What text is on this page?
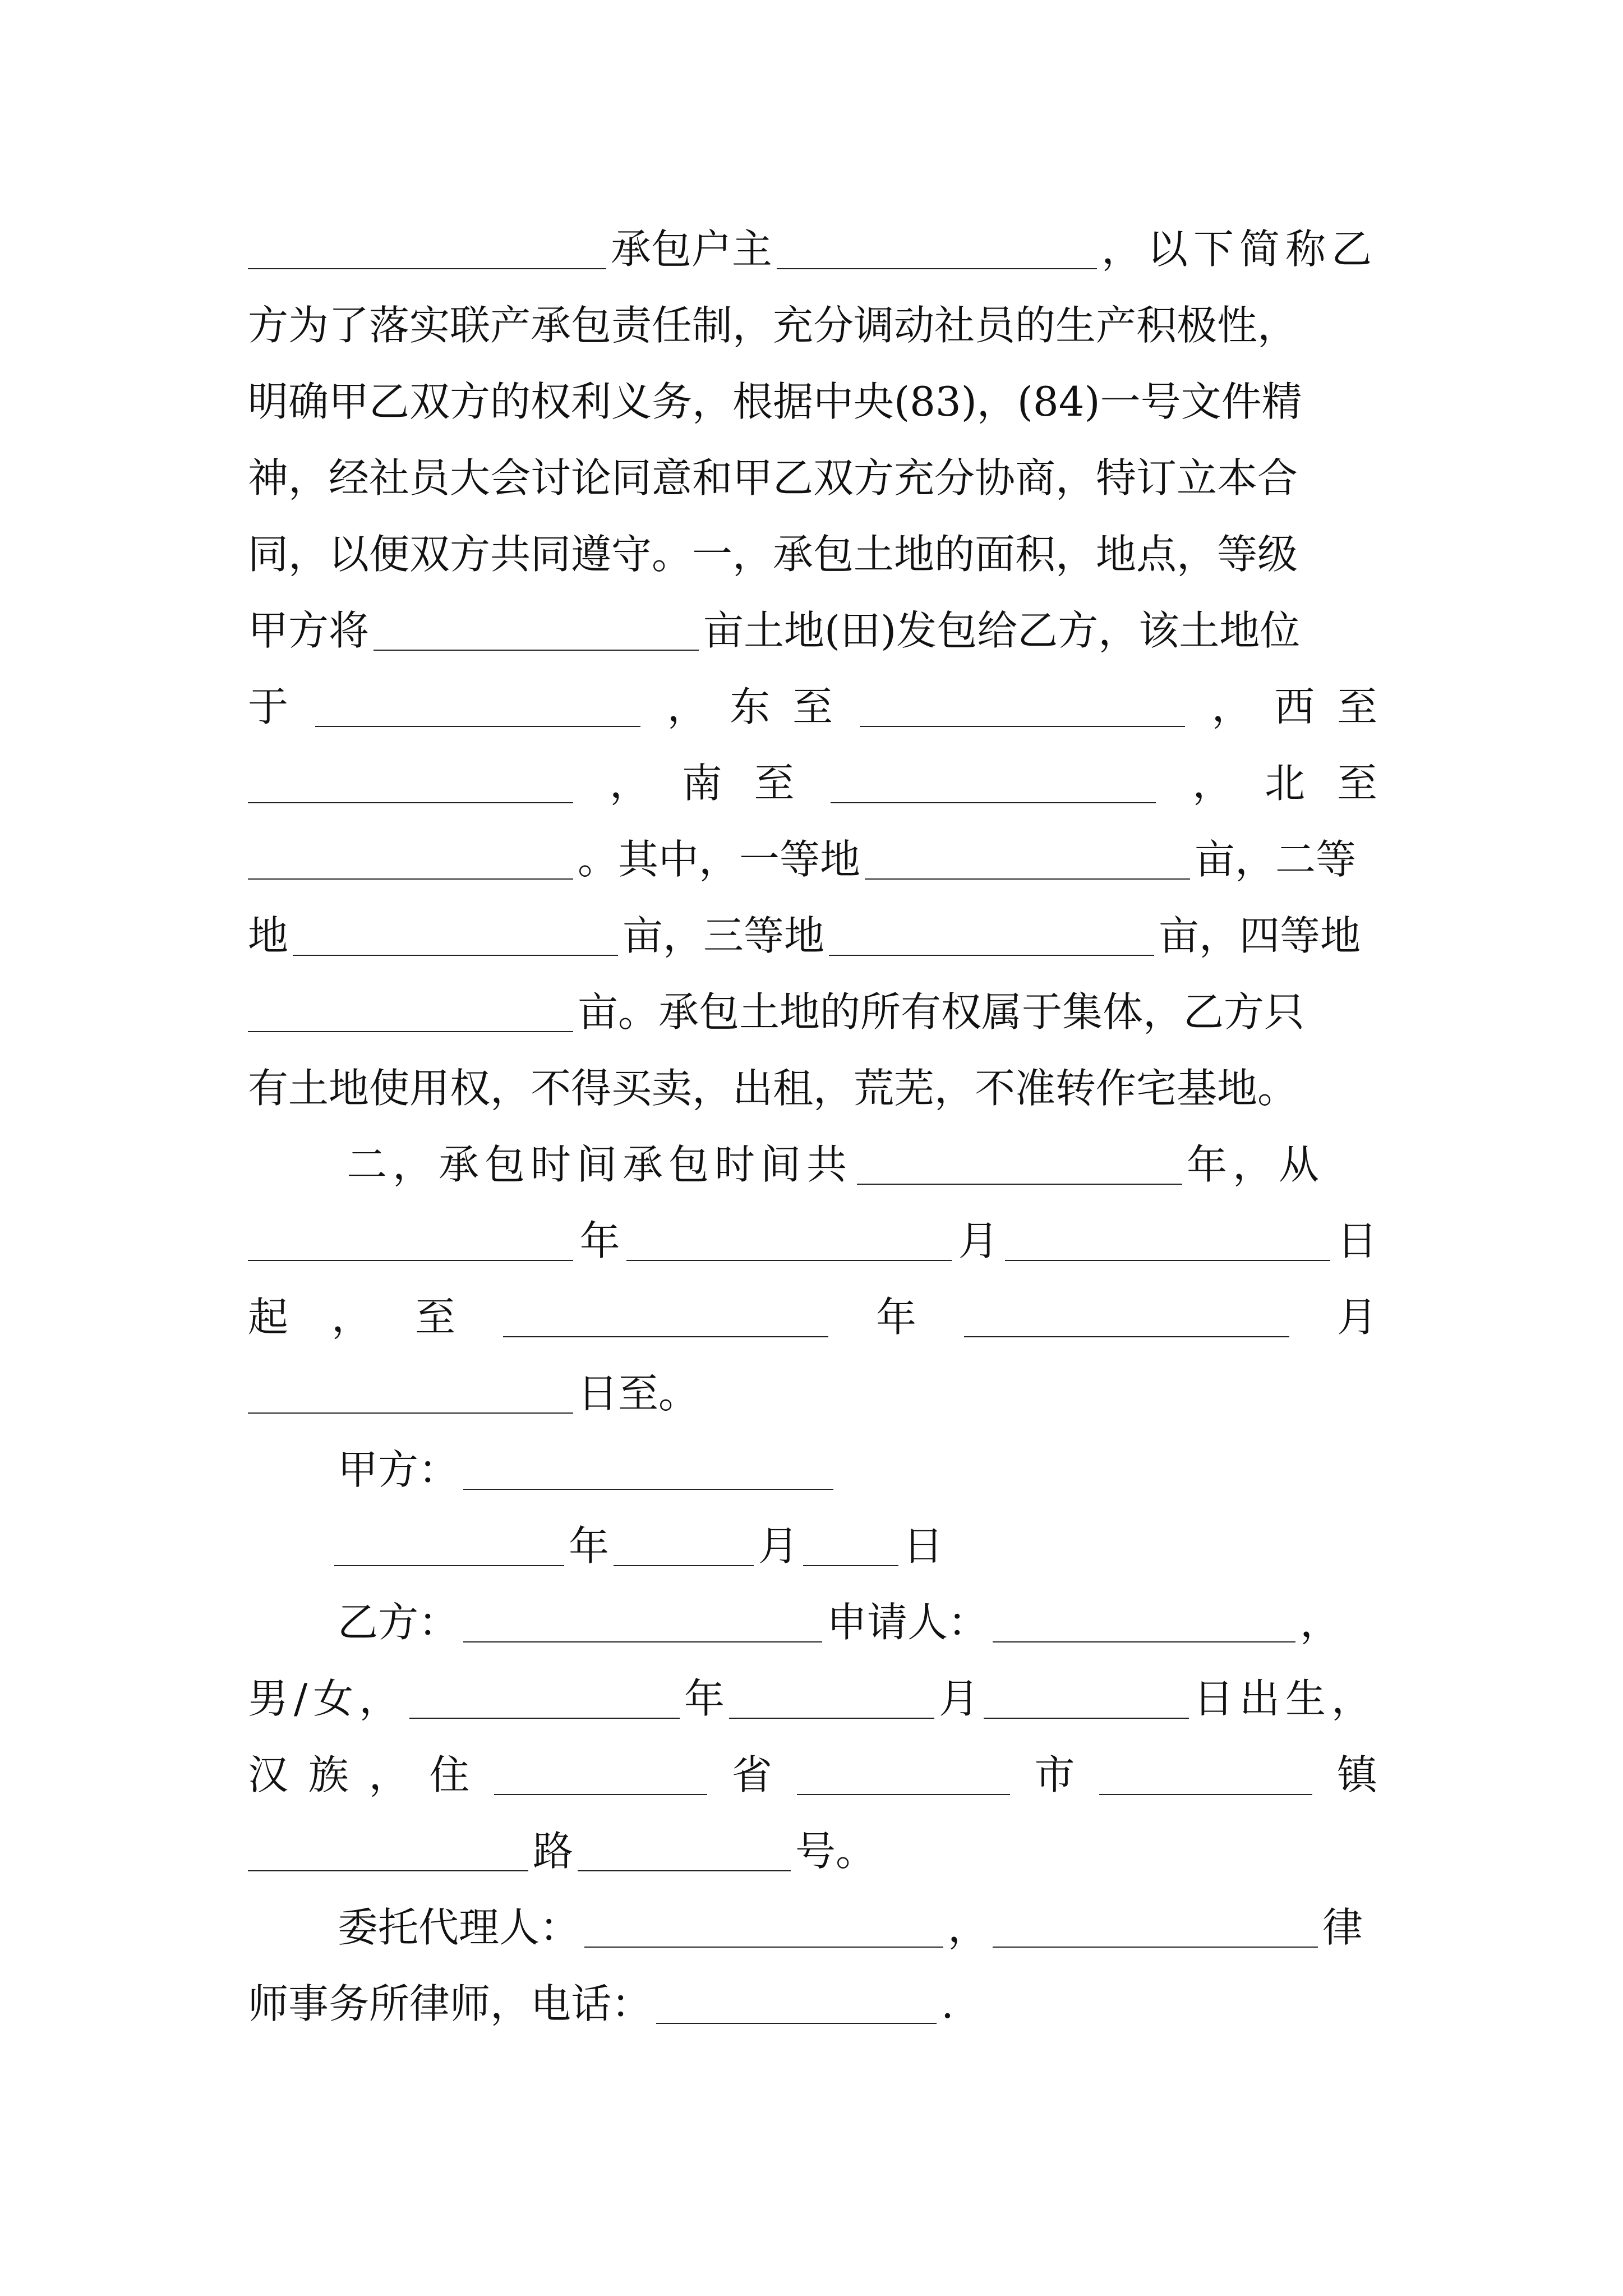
承包户主	，以下简称乙
方为了落实联产承包责任制，充分调动社员的生产积极性，
明确甲乙双方的权利义务，根据中央(83)，(84)一号文件精
神，经社员大会讨论同意和甲乙双方充分协商，特订立本合
同，以便双方共同遵守。一，承包土地的面积，地点，等级
甲方将	亩土地(田)发包给乙方，该土地位
于	， 东 至	， 西 至
， 南 至	， 北 至
。其中，一等地	亩，二等
地	亩，三等地	亩，四等地
亩。承包土地的所有权属于集体，乙方只
有土地使用权，不得买卖，出租，荒芜，不准转作宅基地。
二，承包时间承包时间共	年，从
年	月	日
起 ， 至	年	月
日至。
甲方：
年	月	日
乙方：	申请人：	，
男/女，	年	月	日出生，
汉 族 ， 住	省	市	镇
路	号。
委托代理人：	，	律
师事务所律师，电话：	.
